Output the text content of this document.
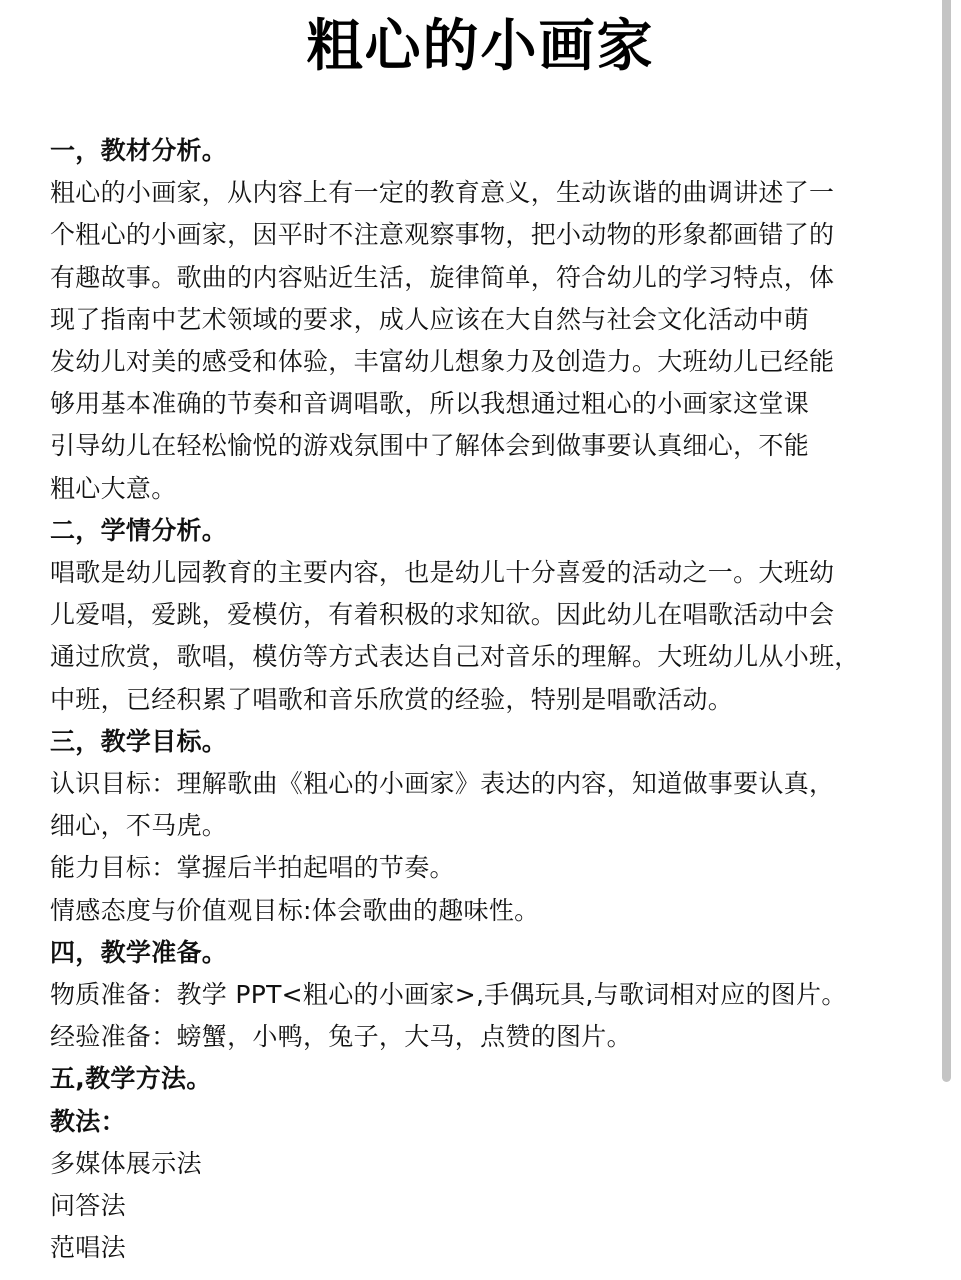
粗心的小画家
一，教材分析。
粗心的小画家，从内容上有一定的教育意义，生动诙谐的曲调讲述了一
个粗心的小画家，因平时不注意观察事物，把小动物的形象都画错了的
有趣故事。歌曲的内容贴近生活，旋律简单，符合幼儿的学习特点，体
现了指南中艺术领域的要求，成人应该在大自然与社会文化活动中萌
发幼儿对美的感受和体验，丰富幼儿想象力及创造力。大班幼儿已经能
够用基本准确的节奏和音调唱歌，所以我想通过粗心的小画家这堂课
引导幼儿在轻松愉悦的游戏氛围中了解体会到做事要认真细心，不能
粗心大意。
二，学情分析。
唱歌是幼儿园教育的主要内容，也是幼儿十分喜爱的活动之一。大班幼
儿爱唱，爱跳，爱模仿，有着积极的求知欲。因此幼儿在唱歌活动中会
通过欣赏，歌唱，模仿等方式表达自己对音乐的理解。大班幼儿从小班，
中班，已经积累了唱歌和音乐欣赏的经验，特别是唱歌活动。
三，教学目标。
认识目标：理解歌曲《粗心的小画家》表达的内容，知道做事要认真，
细心，不马虎。
能力目标：掌握后半拍起唱的节奏。
情感态度与价值观目标:体会歌曲的趣味性。
四，教学准备。
物质准备：教学 PPT<粗心的小画家>,手偶玩具,与歌词相对应的图片。
经验准备：螃蟹，小鸭，兔子，大马，点赞的图片。
五,教学方法。
教法：
多媒体展示法
问答法
范唱法
